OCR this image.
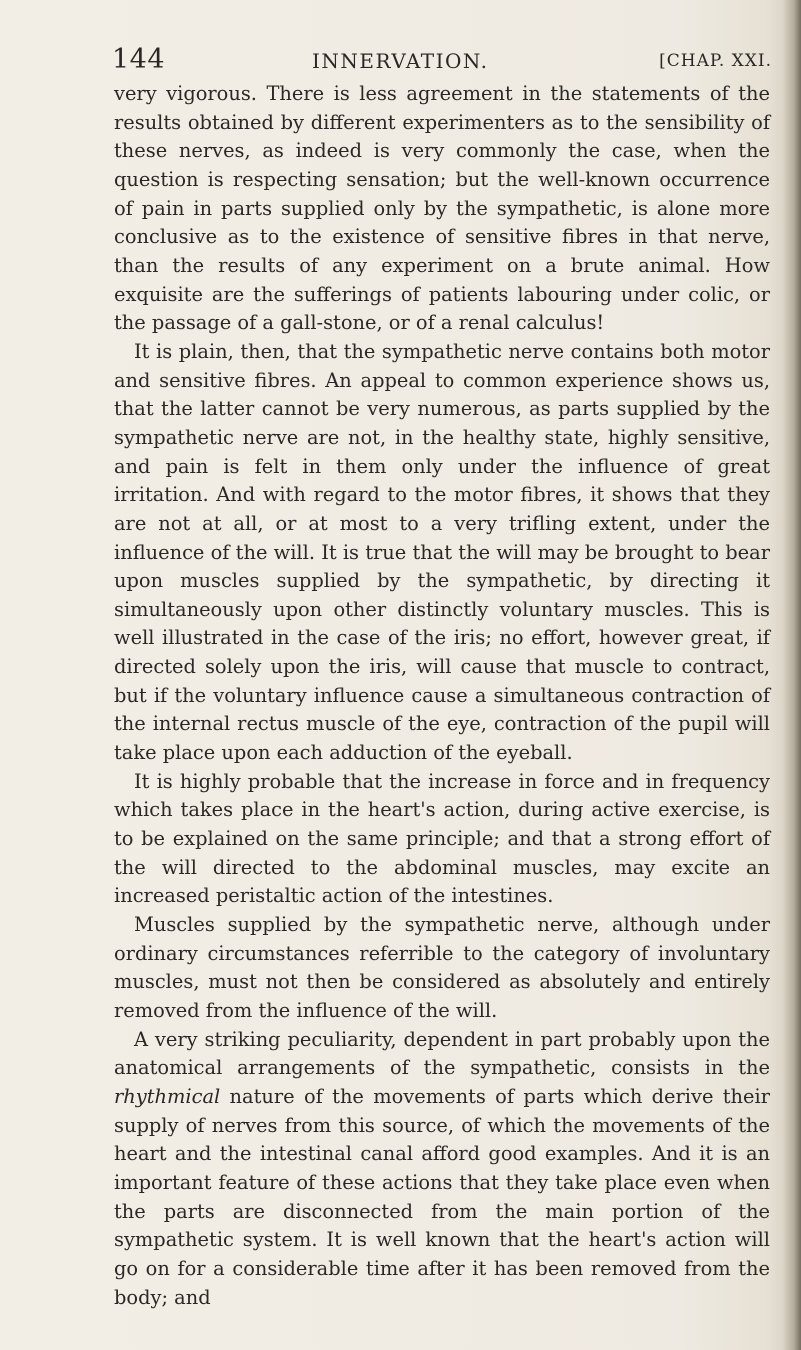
144	INNERVATION.	[CHAP. XXI.

very vigorous. There is less agreement in the statements of the results obtained by different experimenters as to the sensibility of these nerves, as indeed is very commonly the case, when the question is respecting sensation; but the well-known occurrence of pain in parts supplied only by the sympathetic, is alone more conclusive as to the existence of sensitive fibres in that nerve, than the results of any experiment on a brute animal. How exquisite are the sufferings of patients labouring under colic, or the passage of a gall-stone, or of a renal calculus!

It is plain, then, that the sympathetic nerve contains both motor and sensitive fibres. An appeal to common experience shows us, that the latter cannot be very numerous, as parts supplied by the sympathetic nerve are not, in the healthy state, highly sensitive, and pain is felt in them only under the influence of great irritation. And with regard to the motor fibres, it shows that they are not at all, or at most to a very trifling extent, under the influence of the will. It is true that the will may be brought to bear upon muscles supplied by the sympathetic, by directing it simultaneously upon other distinctly voluntary muscles. This is well illustrated in the case of the iris; no effort, however great, if directed solely upon the iris, will cause that muscle to contract, but if the voluntary influence cause a simultaneous contraction of the internal rectus muscle of the eye, contraction of the pupil will take place upon each adduction of the eyeball.

It is highly probable that the increase in force and in frequency which takes place in the heart's action, during active exercise, is to be explained on the same principle; and that a strong effort of the will directed to the abdominal muscles, may excite an increased peristaltic action of the intestines.

Muscles supplied by the sympathetic nerve, although under ordinary circumstances referrible to the category of involuntary muscles, must not then be considered as absolutely and entirely removed from the influence of the will.

A very striking peculiarity, dependent in part probably upon the anatomical arrangements of the sympathetic, consists in the rhythmical nature of the movements of parts which derive their supply of nerves from this source, of which the movements of the heart and the intestinal canal afford good examples. And it is an important feature of these actions that they take place even when the parts are disconnected from the main portion of the sympathetic system. It is well known that the heart's action will go on for a considerable time after it has been removed from the body; and
